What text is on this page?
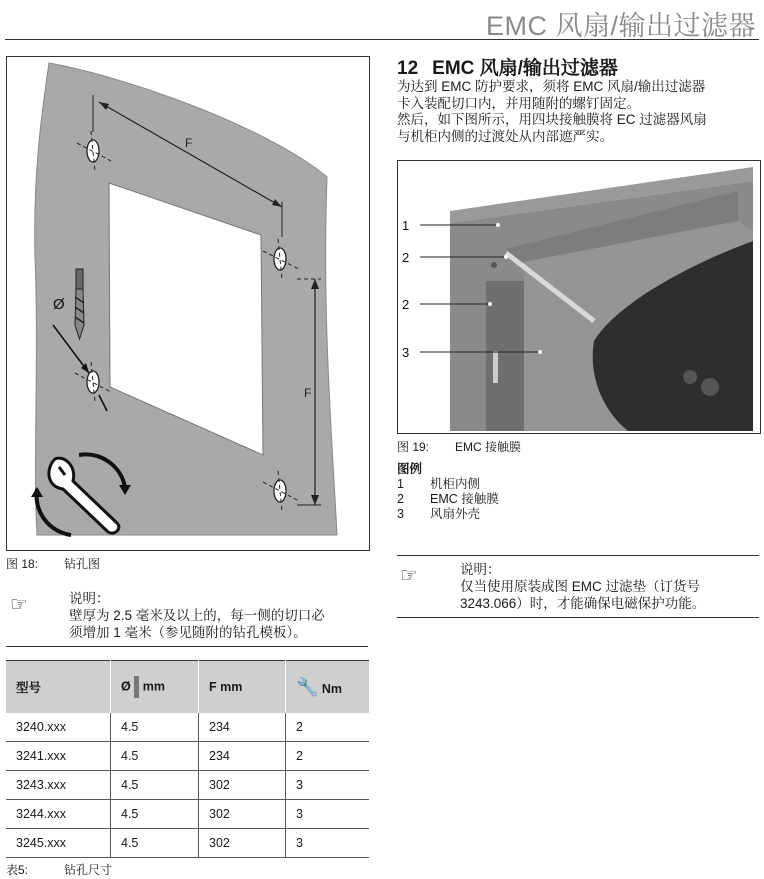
EMC 风扇/输出过滤器
F
F
Ø
图 18: 钻孔图
☞	说明：
壁厚为 2.5 毫米及以上的，每一侧的切口必
须增加 1 毫米（参见随附的钻孔模板）。
型号	Ø mm	F mm	🔧 Nm
3240.xxx	4.5	234	2
3241.xxx	4.5	234	2
3243.xxx	4.5	302	3
3244.xxx	4.5	302	3
3245.xxx	4.5	302	3
表5:	钻孔尺寸
12 EMC 风扇/输出过滤器
为达到 EMC 防护要求，须将 EMC 风扇/输出过滤器
卡入装配切口内，并用随附的螺钉固定。
然后，如下图所示，用四块接触膜将 EC 过滤器风扇
与机柜内侧的过渡处从内部遮严实。
1
2
2
3
图 19: EMC 接触膜
图例
1 机柜内侧
2 EMC 接触膜
3 风扇外壳
☞	说明：
仅当使用原装成图 EMC 过滤垫（订货号
3243.066）时，才能确保电磁保护功能。
